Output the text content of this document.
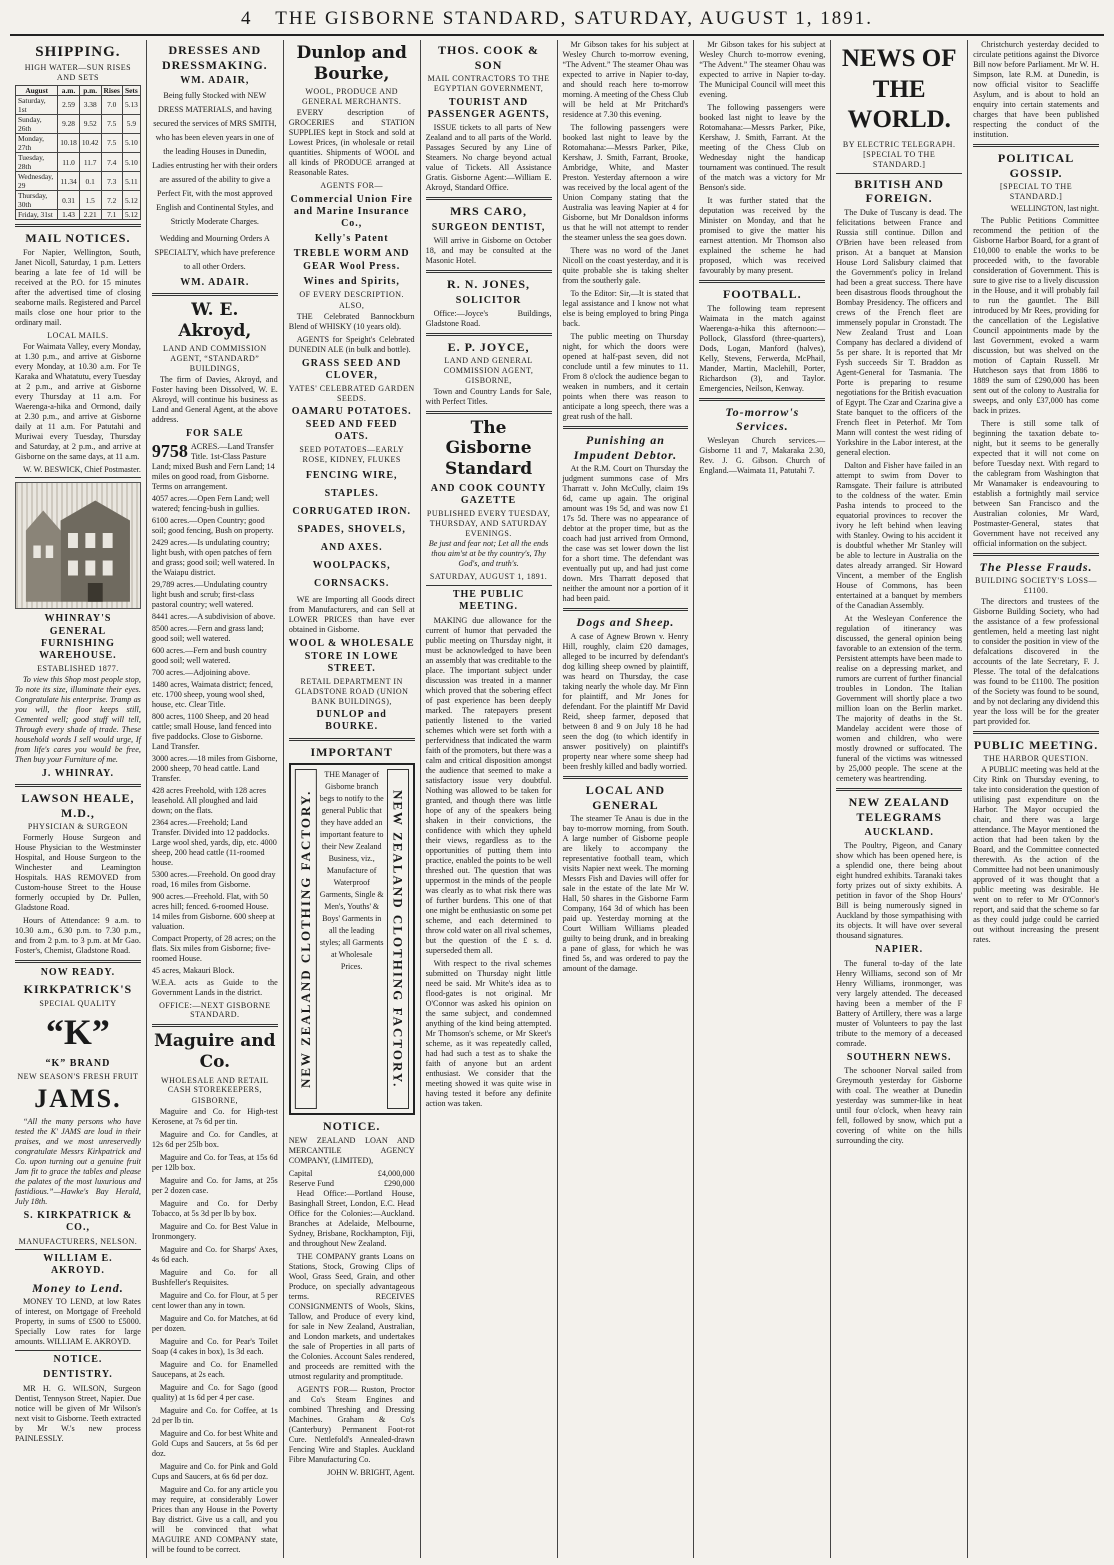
4 THE GISBORNE STANDARD, SATURDAY, AUGUST 1, 1891.
SHIPPING.
HIGH WATER—SUN RISES AND SETS
August	a.m.	p.m.	Rises	Sets
Saturday, 1st	2.59	3.38	7.0	5.13
Sunday, 26th	9.28	9.52	7.5	5.9
Monday, 27th	10.18	10.42	7.5	5.10
Tuesday, 28th	11.0	11.7	7.4	5.10
Wednesday, 29	11.34	0.1	7.3	5.11
Thursday, 30th	0.31	1.5	7.2	5.12
Friday, 31st	1.43	2.21	7.1	5.12
MAIL NOTICES.

For Napier, Wellington, South, Janet Nicoll, Saturday, 1 p.m. Letters bearing a late fee of 1d will be received at the P.O. for 15 minutes after the advertised time of closing seaborne mails. Registered and Parcel mails close one hour prior to the ordinary mail.

LOCAL MAILS.

For Waimata Valley, every Monday, at 1.30 p.m., and arrive at Gisborne every Monday, at 10.30 a.m. For Te Karaka and Whatatutu, every Tuesday at 2 p.m., and arrive at Gisborne every Thursday at 11 a.m. For Waerenga-a-hika and Ormond, daily at 2.30 p.m., and arrive at Gisborne daily at 11 a.m. For Patutahi and Muriwai every Tuesday, Thursday and Saturday, at 2 p.m., and arrive at Gisborne on the same days, at 11 a.m.

W. W. BESWICK, Chief Postmaster.
WHINRAY'S GENERAL FURNISHING WAREHOUSE.
ESTABLISHED 1877.

To view this Shop most people stop, To note its size, illuminate their eyes. Congratulate his enterprise. Tramp as you will, the floor keeps still, Cemented well; good stuff will tell, Through every shade of trade. These household words I sell would urge, If from life's cares you would be free, Then buy your Furniture of me.

J. WHINRAY.
LAWSON HEALE, M.D.,
PHYSICIAN & SURGEON

Formerly House Surgeon and House Physician to the Westminster Hospital, and House Surgeon to the Winchester and Leamington Hospitals. HAS REMOVED from Custom-house Street to the House formerly occupied by Dr. Pullen, Gladstone Road.

Hours of Attendance: 9 a.m. to 10.30 a.m., 6.30 p.m. to 7.30 p.m., and from 2 p.m. to 3 p.m. at Mr Gao. Foster's, Chemist, Gladstone Road.

NOW READY.
KIRKPATRICK'S
SPECIAL QUALITY
“K”
“K” BRAND
NEW SEASON'S FRESH FRUIT
JAMS.

“All the many persons who have tested the K' JAMS are loud in their praises, and we most unreservedly congratulate Messrs Kirkpatrick and Co. upon turning out a genuine fruit Jam fit to grace the tables and please the palates of the most luxurious and fastidious.”—Hawke's Bay Herald, July 18th.

S. KIRKPATRICK & CO.,
MANUFACTURERS, NELSON.
WILLIAM E. AKROYD.
Money to Lend.

MONEY TO LEND, at low Rates of interest, on Mortgage of Freehold Property, in sums of £500 to £5000. Specially Low rates for large amounts. WILLIAM E. AKROYD.

NOTICE.
DENTISTRY.

MR H. G. WILSON, Surgeon Dentist, Tennyson Street, Napier. Due notice will be given of Mr Wilson's next visit to Gisborne. Teeth extracted by Mr W.'s new process PAINLESSLY.

DRESSES AND DRESSMAKING.
WM. ADAIR,

Being fully Stocked with NEW DRESS MATERIALS, and having secured the services of MRS SMITH, who has been eleven years in one of the leading Houses in Dunedin, Ladies entrusting her with their orders are assured of the ability to give a Perfect Fit, with the most approved English and Continental Styles, and Strictly Moderate Charges.

Wedding and Mourning Orders A SPECIALTY, which have preference to all other Orders.

WM. ADAIR.
W. E. Akroyd,
LAND AND COMMISSION AGENT, “STANDARD” BUILDINGS,

The firm of Davies, Akroyd, and Foster having been Dissolved, W. E. Akroyd, will continue his business as Land and General Agent, at the above address.

FOR SALE
9758 ACRES.—Land Transfer Title. 1st-Class Pasture Land; mixed Bush and Fern Land; 14 miles on good road, from Gisborne. Terms on arrangement.
4057 acres.—Open Fern Land; well watered; fencing-bush in gullies.
6100 acres.—Open Country; good soil; good fencing, Bush on property.
2429 acres.—Is undulating country; light bush, with open patches of fern and grass; good soil; well watered. In the Waiapu district.
29,789 acres.—Undulating country light bush and scrub; first-class pastoral country; well watered.
8441 acres.—A subdivision of above.
8500 acres.—Fern and grass land; good soil; well watered.
600 acres.—Fern and bush country good soil; well watered.
700 acres.—Adjoining above.
1480 acres, Waimata district; fenced, etc. 1700 sheep, young wool shed, house, etc. Clear Title.
800 acres, 1100 Sheep, and 20 head cattle; small House, land fenced into five paddocks. Close to Gisborne. Land Transfer.
3000 acres.—18 miles from Gisborne, 2000 sheep, 70 head cattle. Land Transfer.
428 acres Freehold, with 128 acres leasehold. All ploughed and laid down; on the flats.
2364 acres.—Freehold; Land Transfer. Divided into 12 paddocks. Large wool shed, yards, dip, etc. 4000 sheep, 200 head cattle (11-roomed house.
5300 acres.—Freehold. On good dray road, 16 miles from Gisborne.
900 acres.—Freehold. Flat, with 50 acres hill; fenced. 6-roomed House. 14 miles from Gisborne. 600 sheep at valuation.
Compact Property, of 28 acres; on the flats. Six miles from Gisborne; five-roomed House.
45 acres, Makauri Block.

W.E.A. acts as Guide to the Government Lands in the district.

OFFICE:—NEXT GISBORNE STANDARD.
Maguire and Co.
WHOLESALE AND RETAIL CASH STOREKEEPERS,
GISBORNE,

Maguire and Co. for High-test Kerosene, at 7s 6d per tin.

Maguire and Co. for Candles, at 12s 6d per 25lb box.

Maguire and Co. for Teas, at 15s 6d per 12lb box.

Maguire and Co. for Jams, at 25s per 2 dozen case.

Maguire and Co. for Derby Tobacco, at 5s 3d per lb by box.

Maguire and Co. for Best Value in Ironmongery.

Maguire and Co. for Sharps' Axes, 4s 6d each.

Maguire and Co. for all Bushfeller's Requisites.

Maguire and Co. for Flour, at 5 per cent lower than any in town.

Maguire and Co. for Matches, at 6d per dozen.

Maguire and Co. for Pear's Toilet Soap (4 cakes in box), 1s 3d each.

Maguire and Co. for Enamelled Saucepans, at 2s each.

Maguire and Co. for Sago (good quality) at 1s 6d per 4 per case.

Maguire and Co. for Coffee, at 1s 2d per lb tin.

Maguire and Co. for best White and Gold Cups and Saucers, at 5s 6d per doz.

Maguire and Co. for Pink and Gold Cups and Saucers, at 6s 6d per doz.

Maguire and Co. for any article you may require, at considerably Lower Prices than any House in the Poverty Bay district. Give us a call, and you will be convinced that what MAGUIRE AND COMPANY state, will be found to be correct.

Dunlop and Bourke,
WOOL, PRODUCE AND GENERAL MERCHANTS.

EVERY description of GROCERIES and STATION SUPPLIES kept in Stock and sold at Lowest Prices, (in wholesale or retail quantities. Shipments of WOOL and all kinds of PRODUCE arranged at Reasonable Rates.

AGENTS FOR—
Commercial Union Fire and Marine Insurance Co.,
Kelly's Patent
TREBLE WORM AND GEAR Wool Press.
Wines and Spirits,
OF EVERY DESCRIPTION.
ALSO,

THE Celebrated Bannockburn Blend of WHISKY (10 years old).

AGENTS for Speight's Celebrated DUNEDIN ALE (in bulk and bottle).

GRASS SEED AND CLOVER,
YATES' CELEBRATED GARDEN SEEDS.
OAMARU POTATOES. SEED AND FEED OATS.
SEED POTATOES—EARLY ROSE, KIDNEY, FLUKES
FENCING WIRE, STAPLES. CORRUGATED IRON. SPADES, SHOVELS, AND AXES. WOOLPACKS, CORNSACKS.

WE are Importing all Goods direct from Manufacturers, and can Sell at LOWER PRICES than have ever obtained in Gisborne.

WOOL & WHOLESALE STORE IN LOWE STREET.
RETAIL DEPARTMENT IN GLADSTONE ROAD (UNION BANK BUILDINGS),
DUNLOP and BOURKE.
IMPORTANT
NEW ZEALAND CLOTHING FACTORY.
THE Manager of Gisborne branch begs to notify to the general Public that they have added an important feature to their New Zealand Business, viz., Manufacture of Waterproof Garments, Single & Men's, Youths' & Boys' Garments in all the leading styles; all Garments at Wholesale Prices.	NEW ZEALAND CLOTHING FACTORY.
NOTICE.

NEW ZEALAND LOAN AND MERCANTILE AGENCY COMPANY, (LIMITED),

Capital	£4,000,000
Reserve Fund	£290,000

Head Office:—Portland House, Basinghall Street, London, E.C. Head Office for the Colonies:—Auckland. Branches at Adelaide, Melbourne, Sydney, Brisbane, Rockhampton, Fiji, and throughout New Zealand.

THE COMPANY grants Loans on Stations, Stock, Growing Clips of Wool, Grass Seed, Grain, and other Produce, on specially advantageous terms. RECEIVES CONSIGNMENTS of Wools, Skins, Tallow, and Produce of every kind, for sale in New Zealand, Australian, and London markets, and undertakes the sale of Properties in all parts of the Colonies. Account Sales rendered, and proceeds are remitted with the utmost regularity and promptitude.

AGENTS FOR— Ruston, Proctor and Co's Steam Engines and combined Threshing and Dressing Machines. Graham & Co's (Canterbury) Permanent Foot-rot Cure. Nettlefold's Annealed-drawn Fencing Wire and Staples. Auckland Fibre Manufacturing Co.

JOHN W. BRIGHT, Agent.
THOS. COOK & SON
MAIL CONTRACTORS TO THE EGYPTIAN GOVERNMENT,
TOURIST AND PASSENGER AGENTS,

ISSUE tickets to all parts of New Zealand and to all parts of the World. Passages Secured by any Line of Steamers. No charge beyond actual value of Tickets. All Assistance Gratis. Gisborne Agent:—William E. Akroyd, Standard Office.

MRS CARO,
SURGEON DENTIST,

Will arrive in Gisborne on October 18, and may be consulted at the Masonic Hotel.

R. N. JONES,
SOLICITOR

Office:—Joyce's Buildings, Gladstone Road.

E. P. JOYCE,
LAND AND GENERAL COMMISSION AGENT, GISBORNE,

Town and Country Lands for Sale, with Perfect Titles.

The Gisborne Standard
AND COOK COUNTY GAZETTE
PUBLISHED EVERY TUESDAY, THURSDAY, AND SATURDAY EVENINGS.

Be just and fear not; Let all the ends thou aim'st at be thy country's, Thy God's, and truth's.

SATURDAY, AUGUST 1, 1891.
THE PUBLIC MEETING.

MAKING due allowance for the current of humor that pervaded the public meeting on Thursday night, it must be acknowledged to have been an assembly that was creditable to the place. The important subject under discussion was treated in a manner which proved that the sobering effect of past experience has been deeply marked. The ratepayers present patiently listened to the varied schemes which were set forth with a perfervidness that indicated the warm faith of the promoters, but there was a calm and critical disposition amongst the audience that seemed to make a satisfactory issue very doubtful. Nothing was allowed to be taken for granted, and though there was little hope of any of the speakers being shaken in their convictions, the confidence with which they upheld their views, regardless as to the opportunities of putting them into practice, enabled the points to be well threshed out. The question that was uppermost in the minds of the people was clearly as to what risk there was of further burdens. This one of that one might be enthusiastic on some pet scheme, and each determined to throw cold water on all rival schemes, but the question of the £ s. d. superseded them all.

With respect to the rival schemes submitted on Thursday night little need be said. Mr White's idea as to flood-gates is not original. Mr O'Connor was asked his opinion on the same subject, and condemned anything of the kind being attempted. Mr Thomson's scheme, or Mr Skeet's scheme, as it was repeatedly called, had had such a test as to shake the faith of anyone but an ardent enthusiast. We consider that the meeting showed it was quite wise in having tested it before any definite action was taken.

Mr Gibson takes for his subject at Wesley Church to-morrow evening, “The Advent.” The steamer Ohau was expected to arrive in Napier to-day, and should reach here to-morrow morning. A meeting of the Chess Club will be held at Mr Pritchard's residence at 7.30 this evening.

The following passengers were booked last night to leave by the Rotomahana:—Messrs Parker, Pike, Kershaw, J. Smith, Farrant, Brooke, Ambridge, White, and Master Preston. Yesterday afternoon a wire was received by the local agent of the Union Company stating that the Australia was leaving Napier at 4 for Gisborne, but Mr Donaldson informs us that he will not attempt to render the steamer unless the sea goes down.

There was no word of the Janet Nicoll on the coast yesterday, and it is quite probable she is taking shelter from the southerly gale.

To the Editor: Sir,—It is stated that legal assistance and I know not what else is being employed to bring Pinga back.

The public meeting on Thursday night, for which the doors were opened at half-past seven, did not conclude until a few minutes to 11. From 8 o'clock the audience began to weaken in numbers, and it certain points when there was reason to anticipate a long speech, there was a great rush of the hall.

Punishing an Impudent Debtor.

At the R.M. Court on Thursday the judgment summons case of Mrs Tharratt v. John McCully, claim 19s 6d, came up again. The original amount was 19s 5d, and was now £1 17s 5d. There was no appearance of debtor at the proper time, but as the coach had just arrived from Ormond, the case was set lower down the list for a short time. The defendant was eventually put up, and had just come down. Mrs Tharratt deposed that neither the amount nor a portion of it had been paid.

Dogs and Sheep.

A case of Agnew Brown v. Henry Hill, roughly, claim £20 damages, alleged to be incurred by defendant's dog killing sheep owned by plaintiff, was heard on Thursday, the case taking nearly the whole day. Mr Finn for plaintiff, and Mr Jones for defendant. For the plaintiff Mr David Reid, sheep farmer, deposed that between 8 and 9 on July 18 he had seen the dog (to which identify in answer positively) on plaintiff's property near where some sheep had been freshly killed and badly worried.

LOCAL AND GENERAL

The steamer Te Anau is due in the bay to-morrow morning, from South. A large number of Gisborne people are likely to accompany the representative football team, which visits Napier next week. The morning Messrs Fish and Davies will offer for sale in the estate of the late Mr W. Hall, 50 shares in the Gisborne Farm Company, 164 3d of which has been paid up. Yesterday morning at the Court William Williams pleaded guilty to being drunk, and in breaking a pane of glass, for which he was fined 5s, and was ordered to pay the amount of the damage.

Mr Gibson takes for his subject at Wesley Church to-morrow evening, “The Advent.” The steamer Ohau was expected to arrive in Napier to-day. The Municipal Council will meet this evening.

The following passengers were booked last night to leave by the Rotomahana:—Messrs Parker, Pike, Kershaw, J. Smith, Farrant. At the meeting of the Chess Club on Wednesday night the handicap tournament was continued. The result of the match was a victory for Mr Benson's side.

It was further stated that the deputation was received by the Minister on Monday, and that he promised to give the matter his earnest attention. Mr Thomson also explained the scheme he had proposed, which was received favourably by many present.

FOOTBALL.

The following team represent Waimata in the match against Waerenga-a-hika this afternoon:—Pollock, Glassford (three-quarters), Dods, Logan, Manford (halves), Kelly, Stevens, Ferwerda, McPhail, Mander, Martin, Maclehill, Porter, Richardson (3), and Taylor. Emergencies, Neilson, Kenway.

To-morrow's Services.

Wesleyan Church services.—Gisborne 11 and 7, Makaraka 2.30, Rev. J. G. Gibson. Church of England.—Waimata 11, Patutahi 7.

NEWS OF THE WORLD.
BY ELECTRIC TELEGRAPH.
[SPECIAL TO THE STANDARD.]
BRITISH AND FOREIGN.

The Duke of Tuscany is dead. The felicitations between France and Russia still continue. Dillon and O'Brien have been released from prison. At a banquet at Mansion House Lord Salisbury claimed that the Government's policy in Ireland had been a great success. There have been disastrous floods throughout the Bombay Presidency. The officers and crews of the French fleet are immensely popular in Cronstadt. The New Zealand Trust and Loan Company has declared a dividend of 5s per share. It is reported that Mr Fysh succeeds Sir T. Braddon as Agent-General for Tasmania. The Porte is preparing to resume negotiations for the British evacuation of Egypt. The Czar and Czarina give a State banquet to the officers of the French fleet in Peterhof. Mr Tom Mann will contest the west riding of Yorkshire in the Labor interest, at the general election.

Dalton and Fisher have failed in an attempt to swim from Dover to Ramsgate. Their failure is attributed to the coldness of the water. Emin Pasha intends to proceed to the equatorial provinces to recover the ivory he left behind when leaving with Stanley. Owing to his accident it is doubtful whether Mr Stanley will be able to lecture in Australia on the dates already arranged. Sir Howard Vincent, a member of the English House of Commons, has been entertained at a banquet by members of the Canadian Assembly.

At the Wesleyan Conference the regulation of itinerancy was discussed, the general opinion being favorable to an extension of the term. Persistent attempts have been made to realise on a depressing market, and rumors are current of further financial troubles in London. The Italian Government will shortly place a two million loan on the Berlin market. The majority of deaths in the St. Mandelay accident were those of women and children, who were mostly drowned or suffocated. The funeral of the victims was witnessed by 25,000 people. The scene at the cemetery was heartrending.

NEW ZEALAND TELEGRAMS
AUCKLAND.

The Poultry, Pigeon, and Canary show which has been opened here, is a splendid one, there being about eight hundred exhibits. Taranaki takes forty prizes out of sixty exhibits. A petition in favor of the Shop Hours' Bill is being numerously signed in Auckland by those sympathising with its objects. It will have over several thousand signatures.

NAPIER.

The funeral to-day of the late Henry Williams, second son of Mr Henry Williams, ironmonger, was very largely attended. The deceased having been a member of the F Battery of Artillery, there was a large muster of Volunteers to pay the last tribute to the memory of a deceased comrade.

SOUTHERN NEWS.

The schooner Norval sailed from Greymouth yesterday for Gisborne with coal. The weather at Dunedin yesterday was summer-like in heat until four o'clock, when heavy rain fell, followed by snow, which put a covering of white on the hills surrounding the city.

Christchurch yesterday decided to circulate petitions against the Divorce Bill now before Parliament. Mr W. H. Simpson, late R.M. at Dunedin, is now official visitor to Seacliffe Asylum, and is about to hold an enquiry into certain statements and charges that have been published respecting the conduct of the institution.

POLITICAL GOSSIP.
[SPECIAL TO THE STANDARD.]
WELLINGTON, last night.

The Public Petitions Committee recommend the petition of the Gisborne Harbor Board, for a grant of £10,000 to enable the works to be proceeded with, to the favorable consideration of Government. This is sure to give rise to a lively discussion in the House, and it will probably fail to run the gauntlet. The Bill introduced by Mr Rees, providing for the cancellation of the Legislative Council appointments made by the last Government, evoked a warm discussion, but was shelved on the motion of Captain Russell. Mr Hutcheson says that from 1886 to 1889 the sum of £290,000 has been sent out of the colony to Australia for sweeps, and only £37,000 has come back in prizes.

There is still some talk of beginning the taxation debate to-night, but it seems to be generally expected that it will not come on before Tuesday next. With regard to the cablegram from Washington that Mr Wanamaker is endeavouring to establish a fortnightly mail service between San Francisco and the Australian colonies, Mr Ward, Postmaster-General, states that Government have not received any official information on the subject.

The Plesse Frauds.
BUILDING SOCIETY'S LOSS—£1100.

The directors and trustees of the Gisborne Building Society, who had the assistance of a few professional gentlemen, held a meeting last night to consider the position in view of the defalcations discovered in the accounts of the late Secretary, F. J. Plesse. The total of the defalcations was found to be £1100. The position of the Society was found to be sound, and by not declaring any dividend this year the loss will be for the greater part provided for.

PUBLIC MEETING.
THE HARBOR QUESTION.

A PUBLIC meeting was held at the City Rink on Thursday evening, to take into consideration the question of utilising past expenditure on the Harbor. The Mayor occupied the chair, and there was a large attendance. The Mayor mentioned the action that had been taken by the Board, and the Committee connected therewith. As the action of the Committee had not been unanimously approved of it was thought that a public meeting was desirable. He went on to refer to Mr O'Connor's report, and said that the scheme so far as they could judge could be carried out without increasing the present rates.
